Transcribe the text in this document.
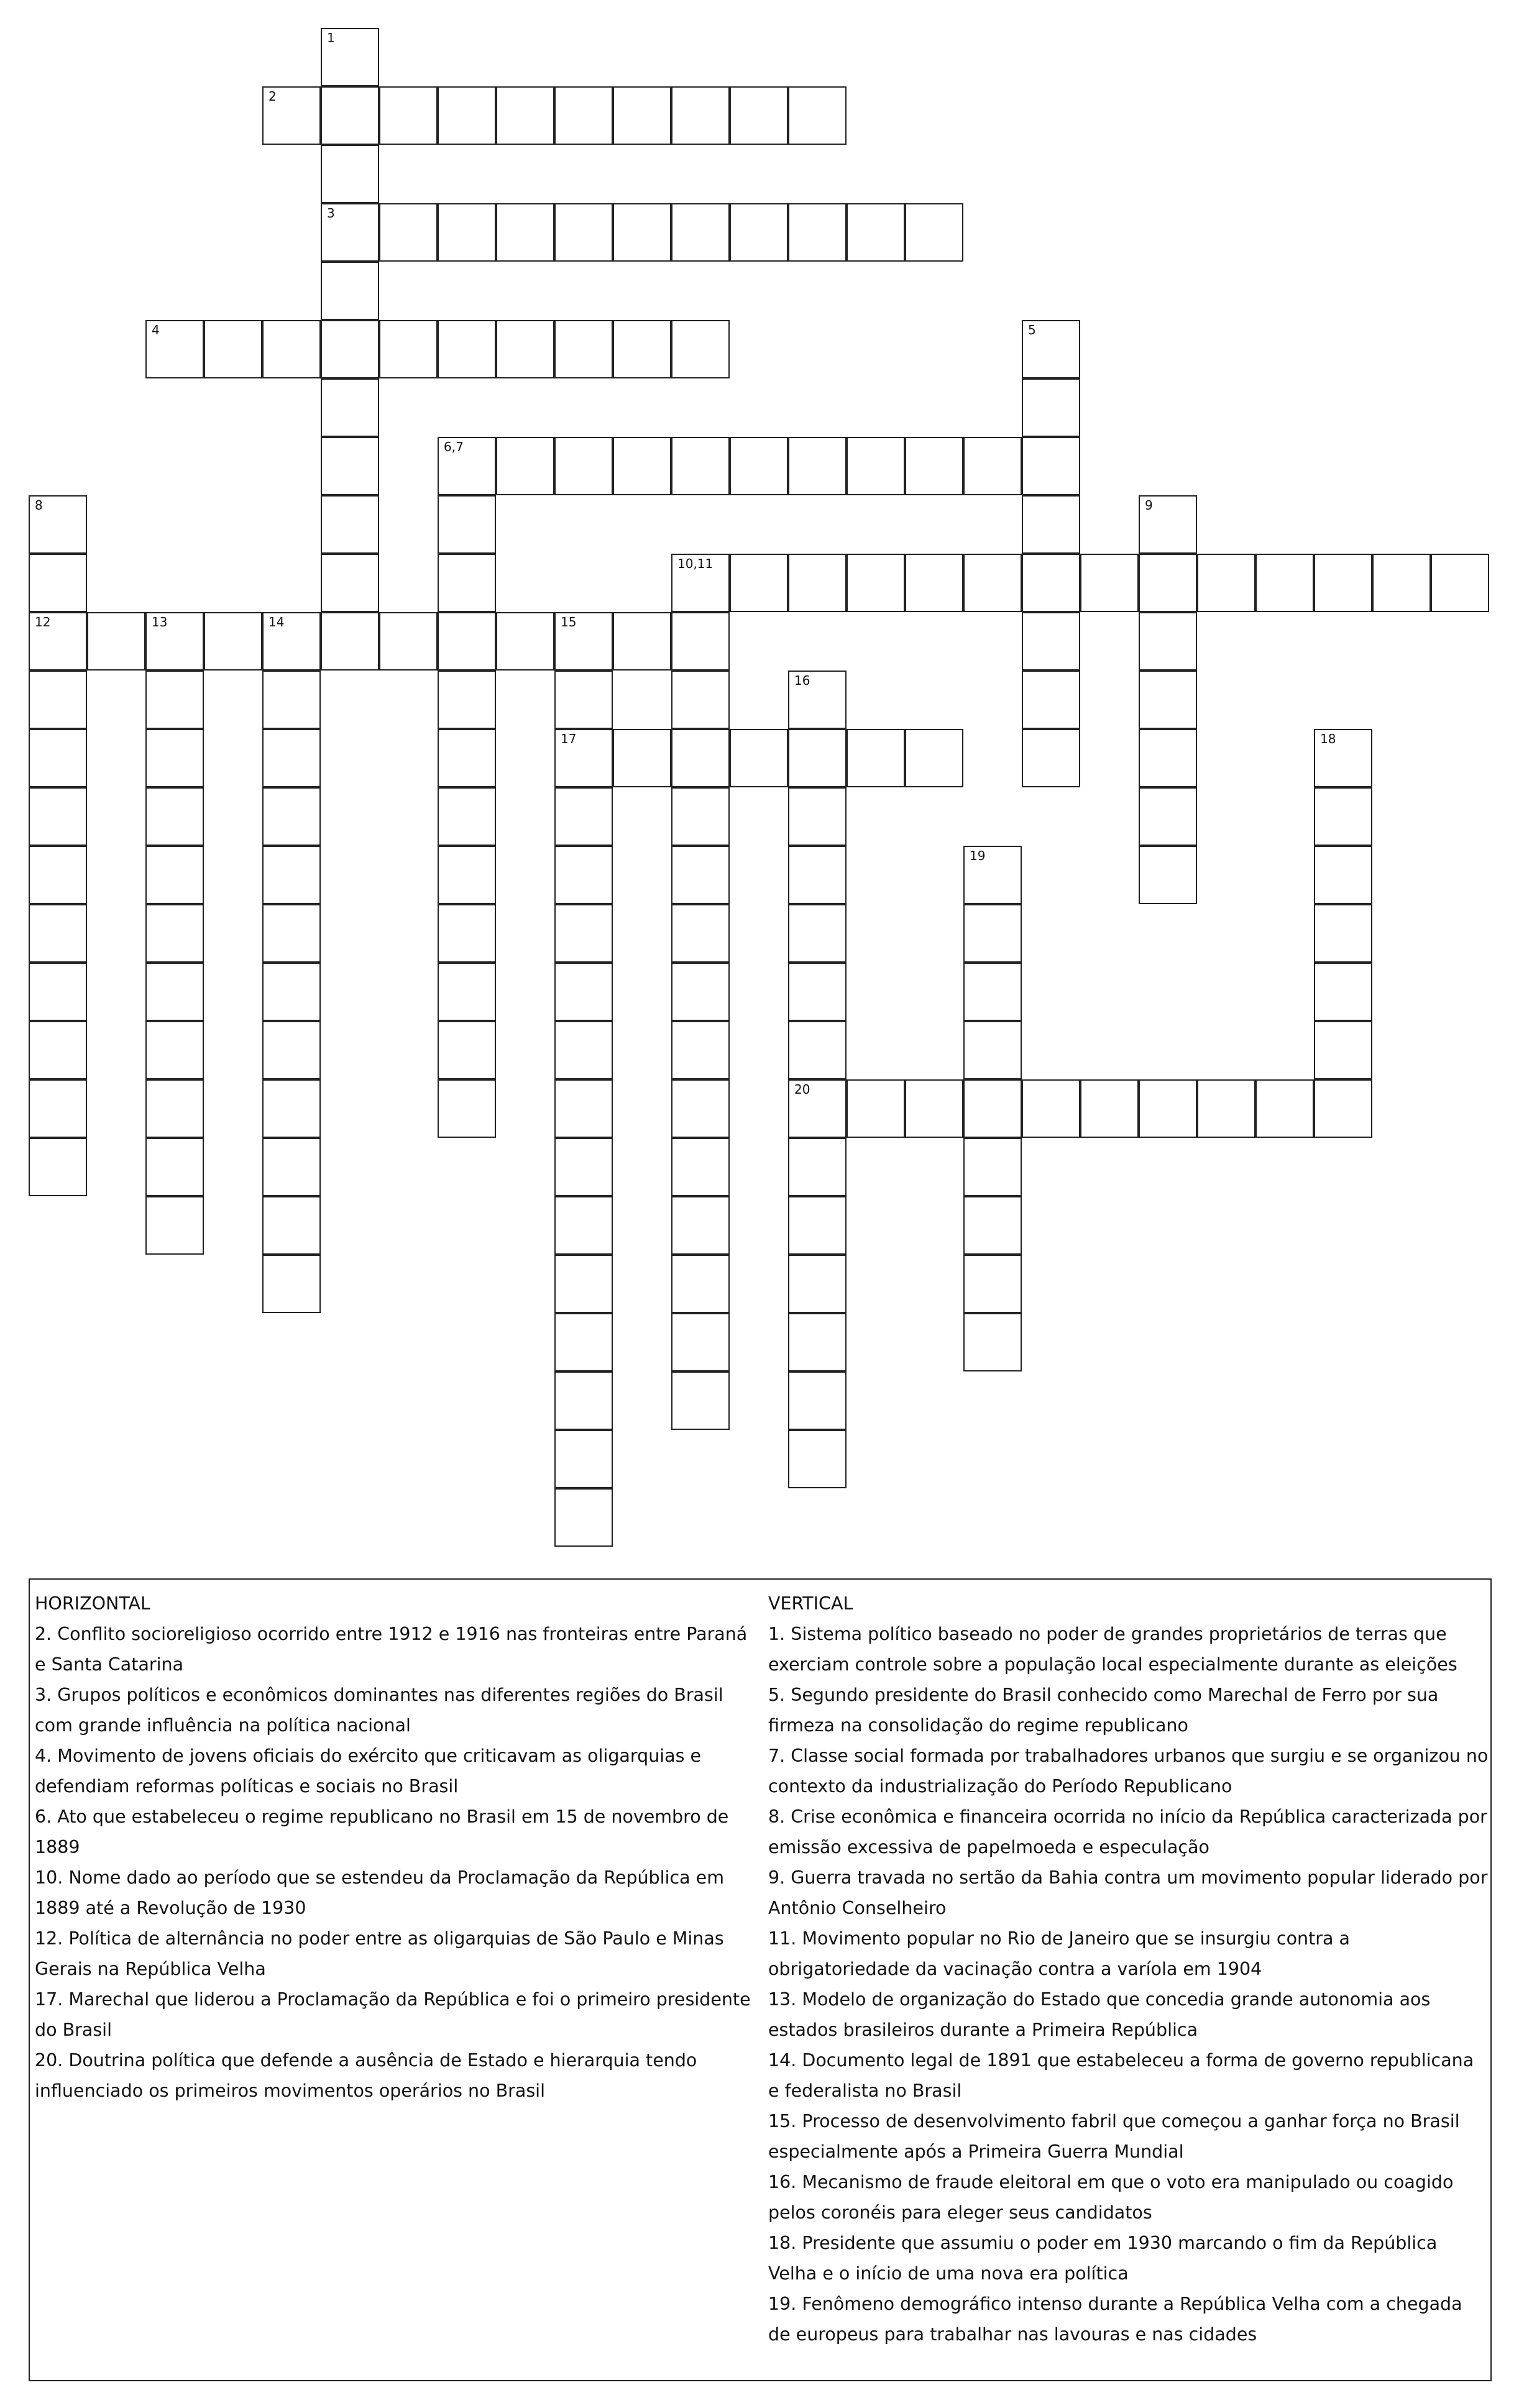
2
3
4
6,7
10,11
12	13	14	15
17
20
1
5
8	9
16
18
19

HORIZONTAL

2. Conflito socioreligioso ocorrido entre 1912 e 1916 nas fronteiras entre Paraná e Santa Catarina

3. Grupos políticos e econômicos dominantes nas diferentes regiões do Brasil com grande influência na política nacional

4. Movimento de jovens oficiais do exército que criticavam as oligarquias e defendiam reformas políticas e sociais no Brasil

6. Ato que estabeleceu o regime republicano no Brasil em 15 de novembro de 1889

10. Nome dado ao período que se estendeu da Proclamação da República em 1889 até a Revolução de 1930

12. Política de alternância no poder entre as oligarquias de São Paulo e Minas Gerais na República Velha

17. Marechal que liderou a Proclamação da República e foi o primeiro presidente do Brasil

20. Doutrina política que defende a ausência de Estado e hierarquia tendo influenciado os primeiros movimentos operários no Brasil

VERTICAL

1. Sistema político baseado no poder de grandes proprietários de terras que exerciam controle sobre a população local especialmente durante as eleições

5. Segundo presidente do Brasil conhecido como Marechal de Ferro por sua firmeza na consolidação do regime republicano

7. Classe social formada por trabalhadores urbanos que surgiu e se organizou no contexto da industrialização do Período Republicano

8. Crise econômica e financeira ocorrida no início da República caracterizada por emissão excessiva de papelmoeda e especulação

9. Guerra travada no sertão da Bahia contra um movimento popular liderado por Antônio Conselheiro

11. Movimento popular no Rio de Janeiro que se insurgiu contra a obrigatoriedade da vacinação contra a varíola em 1904

13. Modelo de organização do Estado que concedia grande autonomia aos estados brasileiros durante a Primeira República

14. Documento legal de 1891 que estabeleceu a forma de governo republicana e federalista no Brasil

15. Processo de desenvolvimento fabril que começou a ganhar força no Brasil especialmente após a Primeira Guerra Mundial

16. Mecanismo de fraude eleitoral em que o voto era manipulado ou coagido pelos coronéis para eleger seus candidatos

18. Presidente que assumiu o poder em 1930 marcando o fim da República Velha e o início de uma nova era política

19. Fenômeno demográfico intenso durante a República Velha com a chegada de europeus para trabalhar nas lavouras e nas cidades
